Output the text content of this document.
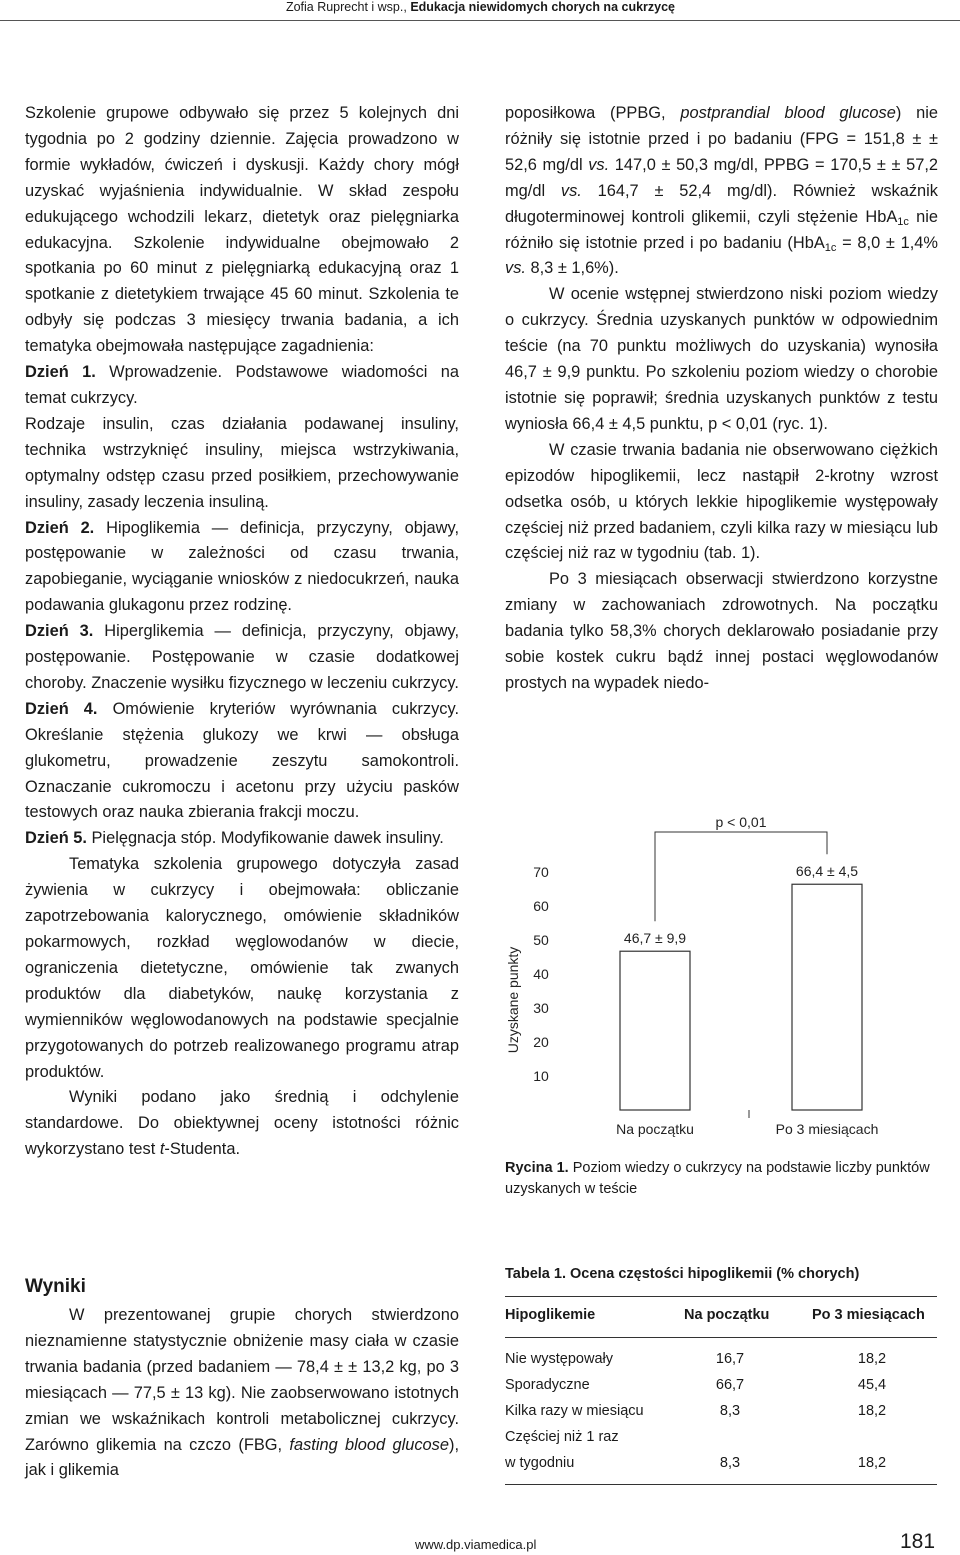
Zofia Ruprecht i wsp., Edukacja niewidomych chorych na cukrzycę

Szkolenie grupowe odbywało się przez 5 kolejnych dni tygodnia po 2 godziny dziennie. Zajęcia prowadzono w formie wykładów, ćwiczeń i dyskusji. Każdy chory mógł uzyskać wyjaśnienia indywidualnie. W skład zespołu edukującego wchodzili lekarz, dietetyk oraz pielęgniarka edukacyjna. Szkolenie indywidualne obejmowało 2 spotkania po 60 minut z pielęgniarką edukacyjną oraz 1 spotkanie z dietetykiem trwające 45 60 minut. Szkolenia te odbyły się podczas 3 miesięcy trwania badania, a ich tematyka obejmowała następujące zagadnienia:

Dzień 1. Wprowadzenie. Podstawowe wiadomości na temat cukrzycy.

Rodzaje insulin, czas działania podawanej insuliny, technika wstrzyknięć insuliny, miejsca wstrzykiwania, optymalny odstęp czasu przed posiłkiem, przechowywanie insuliny, zasady leczenia insuliną.

Dzień 2. Hipoglikemia — definicja, przyczyny, objawy, postępowanie w zależności od czasu trwania, zapobieganie, wyciąganie wniosków z niedocukrzeń, nauka podawania glukagonu przez rodzinę.

Dzień 3. Hiperglikemia — definicja, przyczyny, objawy, postępowanie. Postępowanie w czasie dodatkowej choroby. Znaczenie wysiłku fizycznego w leczeniu cukrzycy.

Dzień 4. Omówienie kryteriów wyrównania cukrzycy. Określanie stężenia glukozy we krwi — obsługa glukometru, prowadzenie zeszytu samokontroli. Oznaczanie cukromoczu i acetonu przy użyciu pasków testowych oraz nauka zbierania frakcji moczu.

Dzień 5. Pielęgnacja stóp. Modyfikowanie dawek insuliny.

Tematyka szkolenia grupowego dotyczyła zasad żywienia w cukrzycy i obejmowała: obliczanie zapotrzebowania kalorycznego, omówienie składników pokarmowych, rozkład węglowodanów w diecie, ograniczenia dietetyczne, omówienie tak zwanych produktów dla diabetyków, naukę korzystania z wymienników węglowodanowych na podstawie specjalnie przygotowanych do potrzeb realizowanego programu atrap produktów.

Wyniki podano jako średnią i odchylenie standardowe. Do obiektywnej oceny istotności różnic wykorzystano test t-Studenta.

Wyniki

W prezentowanej grupie chorych stwierdzono nieznamienne statystycznie obniżenie masy ciała w czasie trwania badania (przed badaniem — 78,4 ± ± 13,2 kg, po 3 miesiącach — 77,5 ± 13 kg). Nie zaobserwowano istotnych zmian we wskaźnikach kontroli metabolicznej cukrzycy. Zarówno glikemia na czczo (FBG, fasting blood glucose), jak i glikemia

poposiłkowa (PPBG, postprandial blood glucose) nie różniły się istotnie przed i po badaniu (FPG = 151,8 ± ± 52,6 mg/dl vs. 147,0 ± 50,3 mg/dl, PPBG = 170,5 ± ± 57,2 mg/dl vs. 164,7 ± 52,4 mg/dl). Również wskaźnik długoterminowej kontroli glikemii, czyli stężenie HbA$_{1c}$ nie różniło się istotnie przed i po badaniu (HbA$_{1c}$ = 8,0 ± 1,4% vs. 8,3 ± 1,6%).

W ocenie wstępnej stwierdzono niski poziom wiedzy o cukrzycy. Średnia uzyskanych punktów w odpowiednim teście (na 70 punktu możliwych do uzyskania) wynosiła 46,7 ± 9,9 punktu. Po szkoleniu poziom wiedzy o chorobie istotnie się poprawił; średnia uzyskanych punktów z testu wyniosła 66,4 ± 4,5 punktu, p < 0,01 (ryc. 1).

W czasie trwania badania nie obserwowano ciężkich epizodów hipoglikemii, lecz nastąpił 2-krotny wzrost odsetka osób, u których lekkie hipoglikemie występowały częściej niż przed badaniem, czyli kilka razy w miesiącu lub częściej niż raz w tygodniu (tab. 1).

Po 3 miesiącach obserwacji stwierdzono korzystne zmiany w zachowaniach zdrowotnych. Na początku badania tylko 58,3% chorych deklarowało posiadanie przy sobie kostek cukru bądź innej postaci węglowodanów prostych na wypadek niedo-

Uzyskane punkty
10
20
30
40
50
60
70
46,7 ± 9,9
Na początku
66,4 ± 4,5
Po 3 miesiącach
p < 0,01
Rycina 1. Poziom wiedzy o cukrzycy na podstawie liczby punktów uzyskanych w teście
Tabela 1. Ocena częstości hipoglikemii (% chorych)
Hipoglikemie	Na początku	Po 3 miesiącach
Nie występowały	16,7	18,2
Sporadyczne	66,7	45,4
Kilka razy w miesiącu	8,3	18,2
Częściej niż 1 raz
w tygodniu	8,3	18,2
www.dp.viamedica.pl	181
